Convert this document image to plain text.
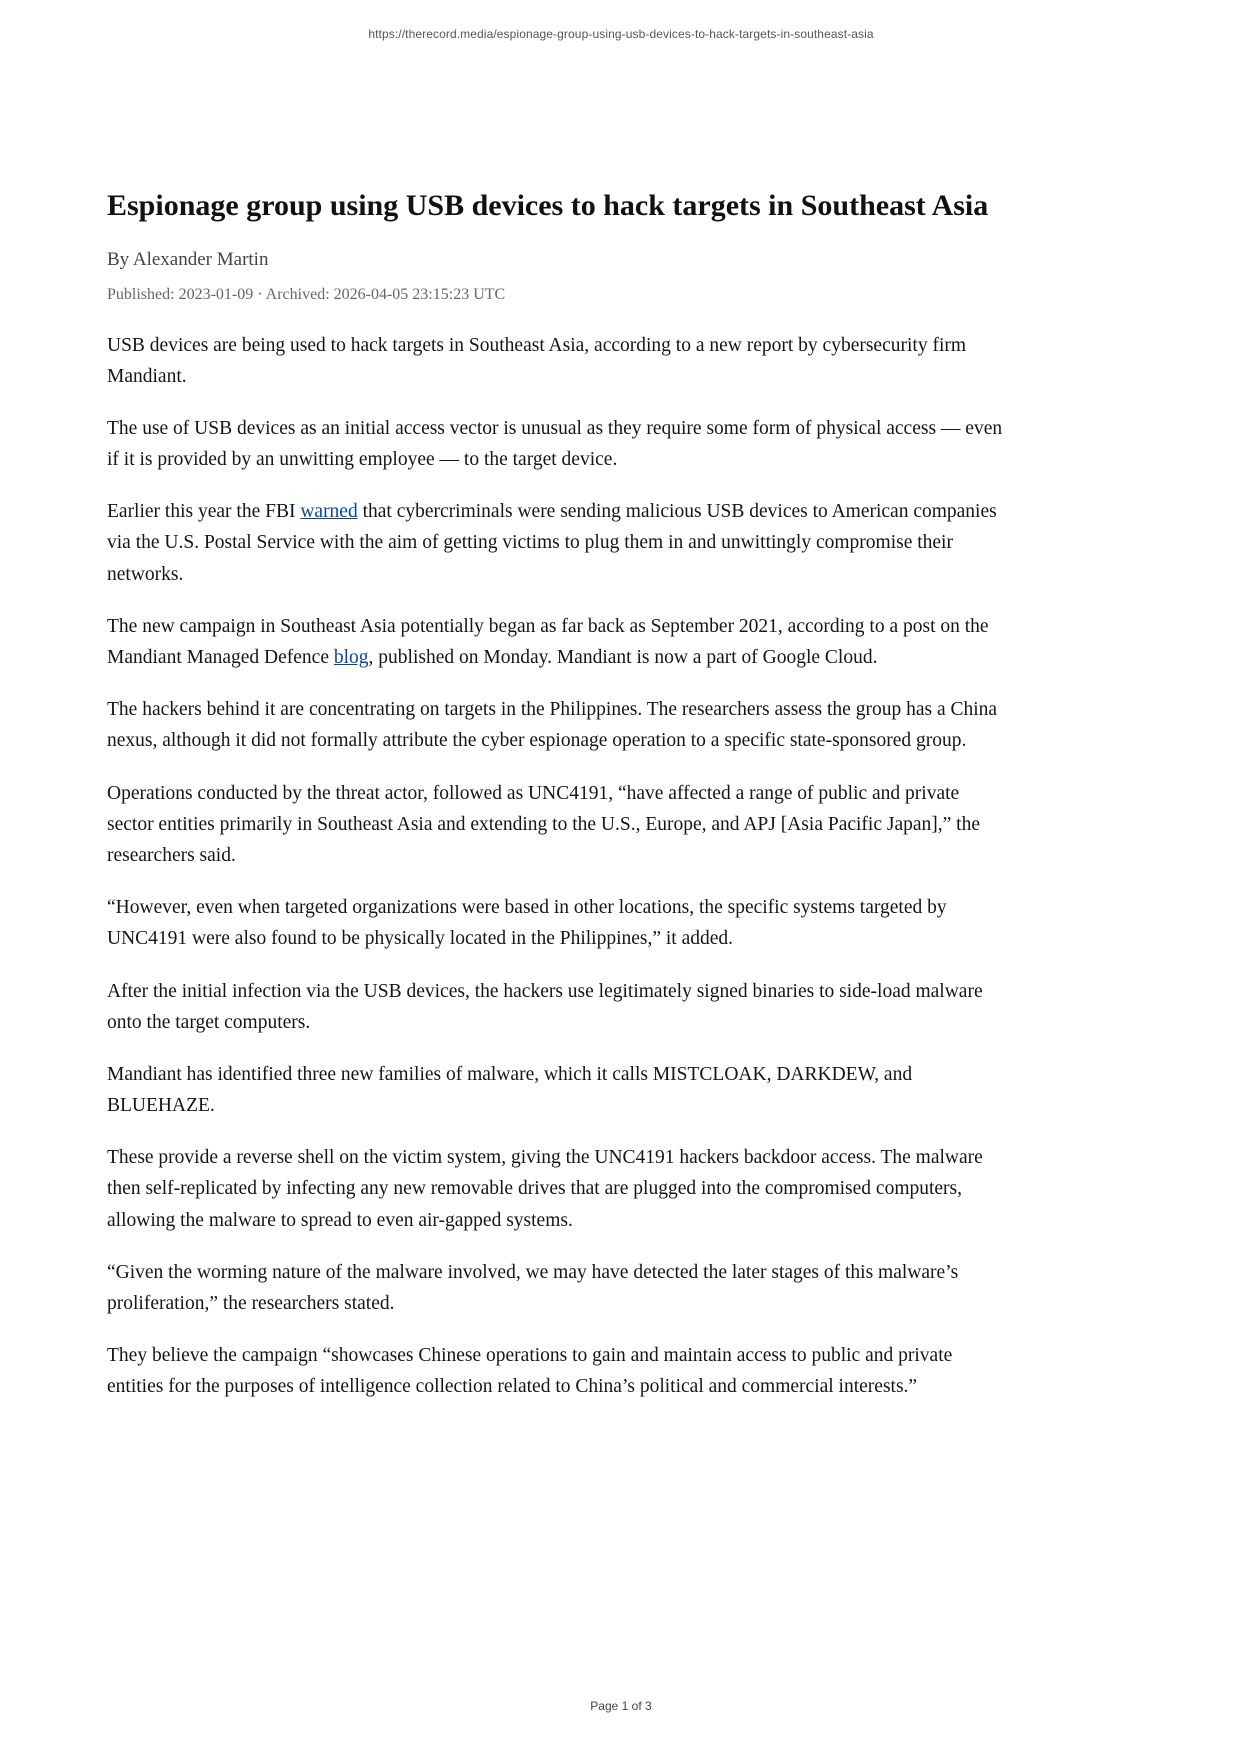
https://therecord.media/espionage-group-using-usb-devices-to-hack-targets-in-southeast-asia
Espionage group using USB devices to hack targets in Southeast Asia
By Alexander Martin
Published: 2023-01-09 · Archived: 2026-04-05 23:15:23 UTC

USB devices are being used to hack targets in Southeast Asia, according to a new report by cybersecurity firm Mandiant.

The use of USB devices as an initial access vector is unusual as they require some form of physical access — even if it is provided by an unwitting employee — to the target device.

Earlier this year the FBI warned that cybercriminals were sending malicious USB devices to American companies via the U.S. Postal Service with the aim of getting victims to plug them in and unwittingly compromise their networks.

The new campaign in Southeast Asia potentially began as far back as September 2021, according to a post on the Mandiant Managed Defence blog, published on Monday. Mandiant is now a part of Google Cloud.

The hackers behind it are concentrating on targets in the Philippines. The researchers assess the group has a China nexus, although it did not formally attribute the cyber espionage operation to a specific state-sponsored group.

Operations conducted by the threat actor, followed as UNC4191, “have affected a range of public and private sector entities primarily in Southeast Asia and extending to the U.S., Europe, and APJ [Asia Pacific Japan],” the researchers said.

“However, even when targeted organizations were based in other locations, the specific systems targeted by UNC4191 were also found to be physically located in the Philippines,” it added.

After the initial infection via the USB devices, the hackers use legitimately signed binaries to side-load malware onto the target computers.

Mandiant has identified three new families of malware, which it calls MISTCLOAK, DARKDEW, and BLUEHAZE.

These provide a reverse shell on the victim system, giving the UNC4191 hackers backdoor access. The malware then self-replicated by infecting any new removable drives that are plugged into the compromised computers, allowing the malware to spread to even air-gapped systems.

“Given the worming nature of the malware involved, we may have detected the later stages of this malware’s proliferation,” the researchers stated.

They believe the campaign “showcases Chinese operations to gain and maintain access to public and private entities for the purposes of intelligence collection related to China’s political and commercial interests.”

Page 1 of 3
